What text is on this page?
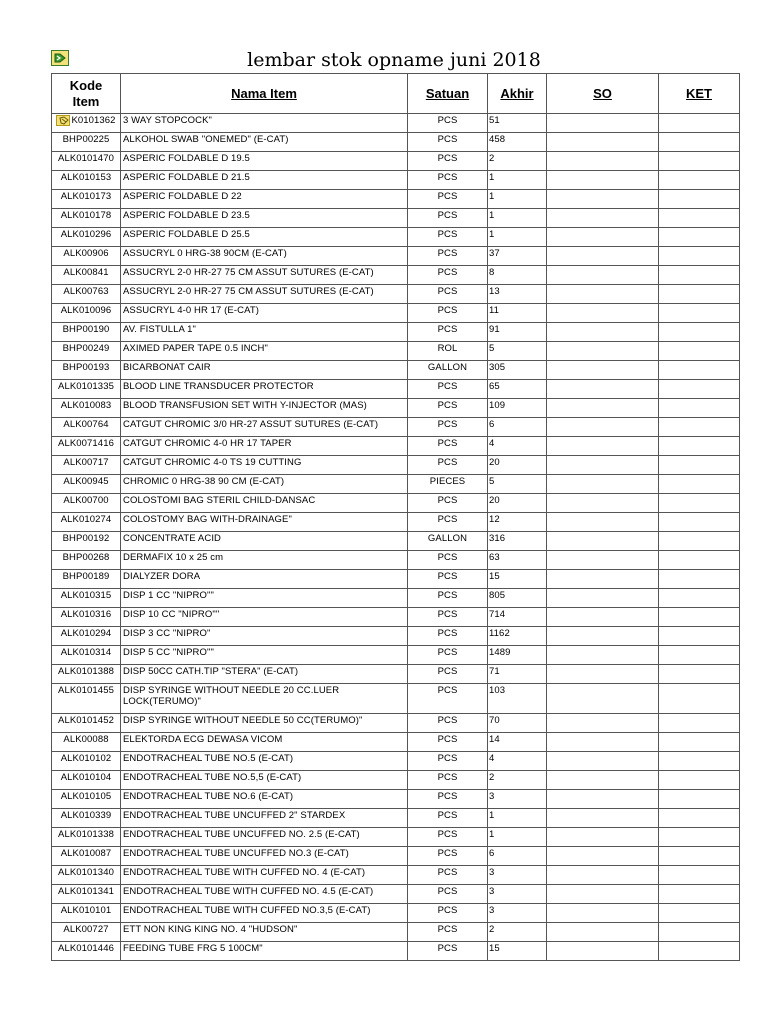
lembar stok opname juni 2018
Kode Item	Nama Item	Satuan	Akhir	SO	KET

K0101362	3 WAY STOPCOCK"	PCS	51		
BHP00225	ALKOHOL SWAB "ONEMED" (E-CAT)	PCS	458		
ALK0101470	ASPERIC FOLDABLE D 19.5	PCS	2		
ALK010153	ASPERIC FOLDABLE D 21.5	PCS	1		
ALK010173	ASPERIC FOLDABLE D 22	PCS	1		
ALK010178	ASPERIC FOLDABLE D 23.5	PCS	1		
ALK010296	ASPERIC FOLDABLE D 25.5	PCS	1		
ALK00906	ASSUCRYL 0 HRG-38 90CM (E-CAT)	PCS	37		
ALK00841	ASSUCRYL 2-0 HR-27 75 CM ASSUT SUTURES (E-CAT)	PCS	8		
ALK00763	ASSUCRYL 2-0 HR-27 75 CM ASSUT SUTURES (E-CAT)	PCS	13		
ALK010096	ASSUCRYL 4-0 HR 17 (E-CAT)	PCS	11		
BHP00190	AV. FISTULLA 1"	PCS	91		
BHP00249	AXIMED PAPER TAPE 0.5 INCH"	ROL	5		
BHP00193	BICARBONAT CAIR	GALLON	305		
ALK0101335	BLOOD LINE TRANSDUCER PROTECTOR	PCS	65		
ALK010083	BLOOD TRANSFUSION SET WITH Y-INJECTOR (MAS)	PCS	109		
ALK00764	CATGUT CHROMIC 3/0 HR-27 ASSUT SUTURES (E-CAT)	PCS	6		
ALK0071416	CATGUT CHROMIC 4-0 HR 17 TAPER	PCS	4		
ALK00717	CATGUT CHROMIC 4-0 TS 19 CUTTING	PCS	20		
ALK00945	CHROMIC 0 HRG-38 90 CM (E-CAT)	PIECES	5		
ALK00700	COLOSTOMI BAG STERIL CHILD-DANSAC	PCS	20		
ALK010274	COLOSTOMY BAG WITH-DRAINAGE"	PCS	12		
BHP00192	CONCENTRATE ACID	GALLON	316		
BHP00268	DERMAFIX 10 x 25 cm	PCS	63		
BHP00189	DIALYZER DORA	PCS	15		
ALK010315	DISP 1 CC "NIPRO""	PCS	805		
ALK010316	DISP 10 CC "NIPRO""	PCS	714		
ALK010294	DISP 3 CC "NIPRO"	PCS	1162		
ALK010314	DISP 5 CC "NIPRO""	PCS	1489		
ALK0101388	DISP 50CC CATH.TIP "STERA" (E-CAT)	PCS	71		
ALK0101455	DISP SYRINGE WITHOUT NEEDLE 20 CC.LUER LOCK(TERUMO)"	PCS	103		
ALK0101452	DISP SYRINGE WITHOUT NEEDLE 50 CC(TERUMO)"	PCS	70		
ALK00088	ELEKTORDA ECG DEWASA VICOM	PCS	14		
ALK010102	ENDOTRACHEAL TUBE NO.5 (E-CAT)	PCS	4		
ALK010104	ENDOTRACHEAL TUBE NO.5,5 (E-CAT)	PCS	2		
ALK010105	ENDOTRACHEAL TUBE NO.6 (E-CAT)	PCS	3		
ALK010339	ENDOTRACHEAL TUBE UNCUFFED 2" STARDEX	PCS	1		
ALK0101338	ENDOTRACHEAL TUBE UNCUFFED NO. 2.5 (E-CAT)	PCS	1		
ALK010087	ENDOTRACHEAL TUBE UNCUFFED NO.3 (E-CAT)	PCS	6		
ALK0101340	ENDOTRACHEAL TUBE WITH CUFFED NO. 4 (E-CAT)	PCS	3		
ALK0101341	ENDOTRACHEAL TUBE WITH CUFFED NO. 4.5 (E-CAT)	PCS	3		
ALK010101	ENDOTRACHEAL TUBE WITH CUFFED NO.3,5 (E-CAT)	PCS	3		
ALK00727	ETT NON KING KING NO. 4 "HUDSON"	PCS	2		
ALK0101446	FEEDING TUBE FRG 5 100CM"	PCS	15		
